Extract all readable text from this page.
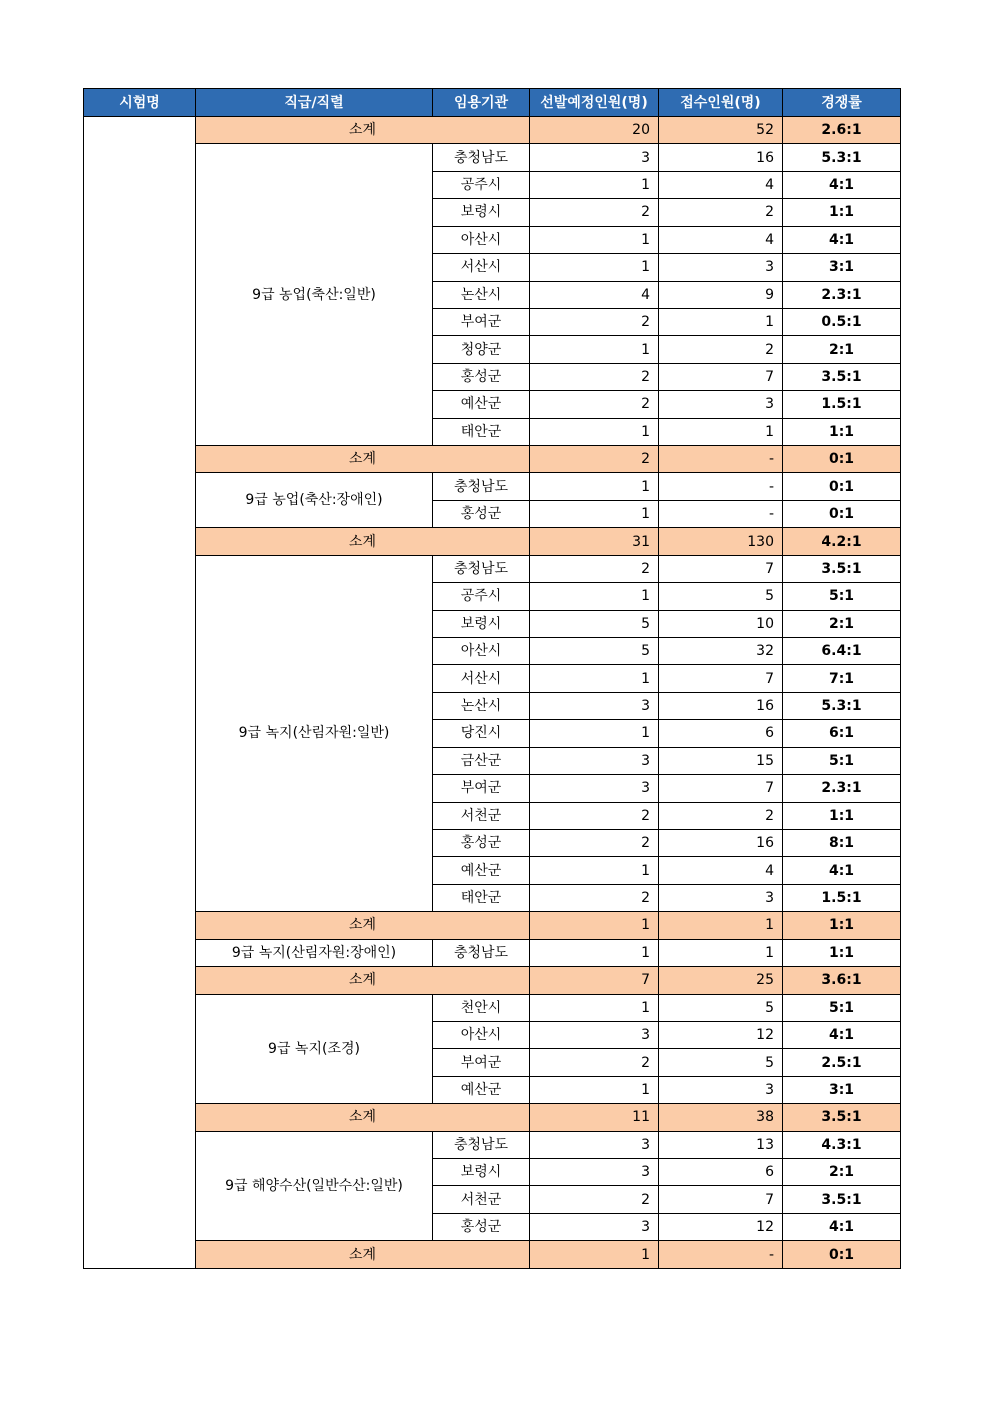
시험명	직급/직렬	임용기관	선발예정인원(명)	접수인원(명)	경쟁률
	소계		20	52	2.6:1
	9급 농업(축산:일반)	충청남도	3	16	5.3:1
		공주시	1	4	4:1
		보령시	2	2	1:1
		아산시	1	4	4:1
		서산시	1	3	3:1
		논산시	4	9	2.3:1
		부여군	2	1	0.5:1
		청양군	1	2	2:1
		홍성군	2	7	3.5:1
		예산군	2	3	1.5:1
		태안군	1	1	1:1
	소계		2	-	0:1
	9급 농업(축산:장애인)	충청남도	1	-	0:1
		홍성군	1	-	0:1
	소계		31	130	4.2:1
	9급 녹지(산림자원:일반)	충청남도	2	7	3.5:1
		공주시	1	5	5:1
		보령시	5	10	2:1
		아산시	5	32	6.4:1
		서산시	1	7	7:1
		논산시	3	16	5.3:1
		당진시	1	6	6:1
		금산군	3	15	5:1
		부여군	3	7	2.3:1
		서천군	2	2	1:1
		홍성군	2	16	8:1
		예산군	1	4	4:1
		태안군	2	3	1.5:1
	소계		1	1	1:1
	9급 녹지(산림자원:장애인)	충청남도	1	1	1:1
	소계		7	25	3.6:1
	9급 녹지(조경)	천안시	1	5	5:1
		아산시	3	12	4:1
		부여군	2	5	2.5:1
		예산군	1	3	3:1
	소계		11	38	3.5:1
	9급 해양수산(일반수산:일반)	충청남도	3	13	4.3:1
		보령시	3	6	2:1
		서천군	2	7	3.5:1
		홍성군	3	12	4:1
	소계		1	-	0:1
